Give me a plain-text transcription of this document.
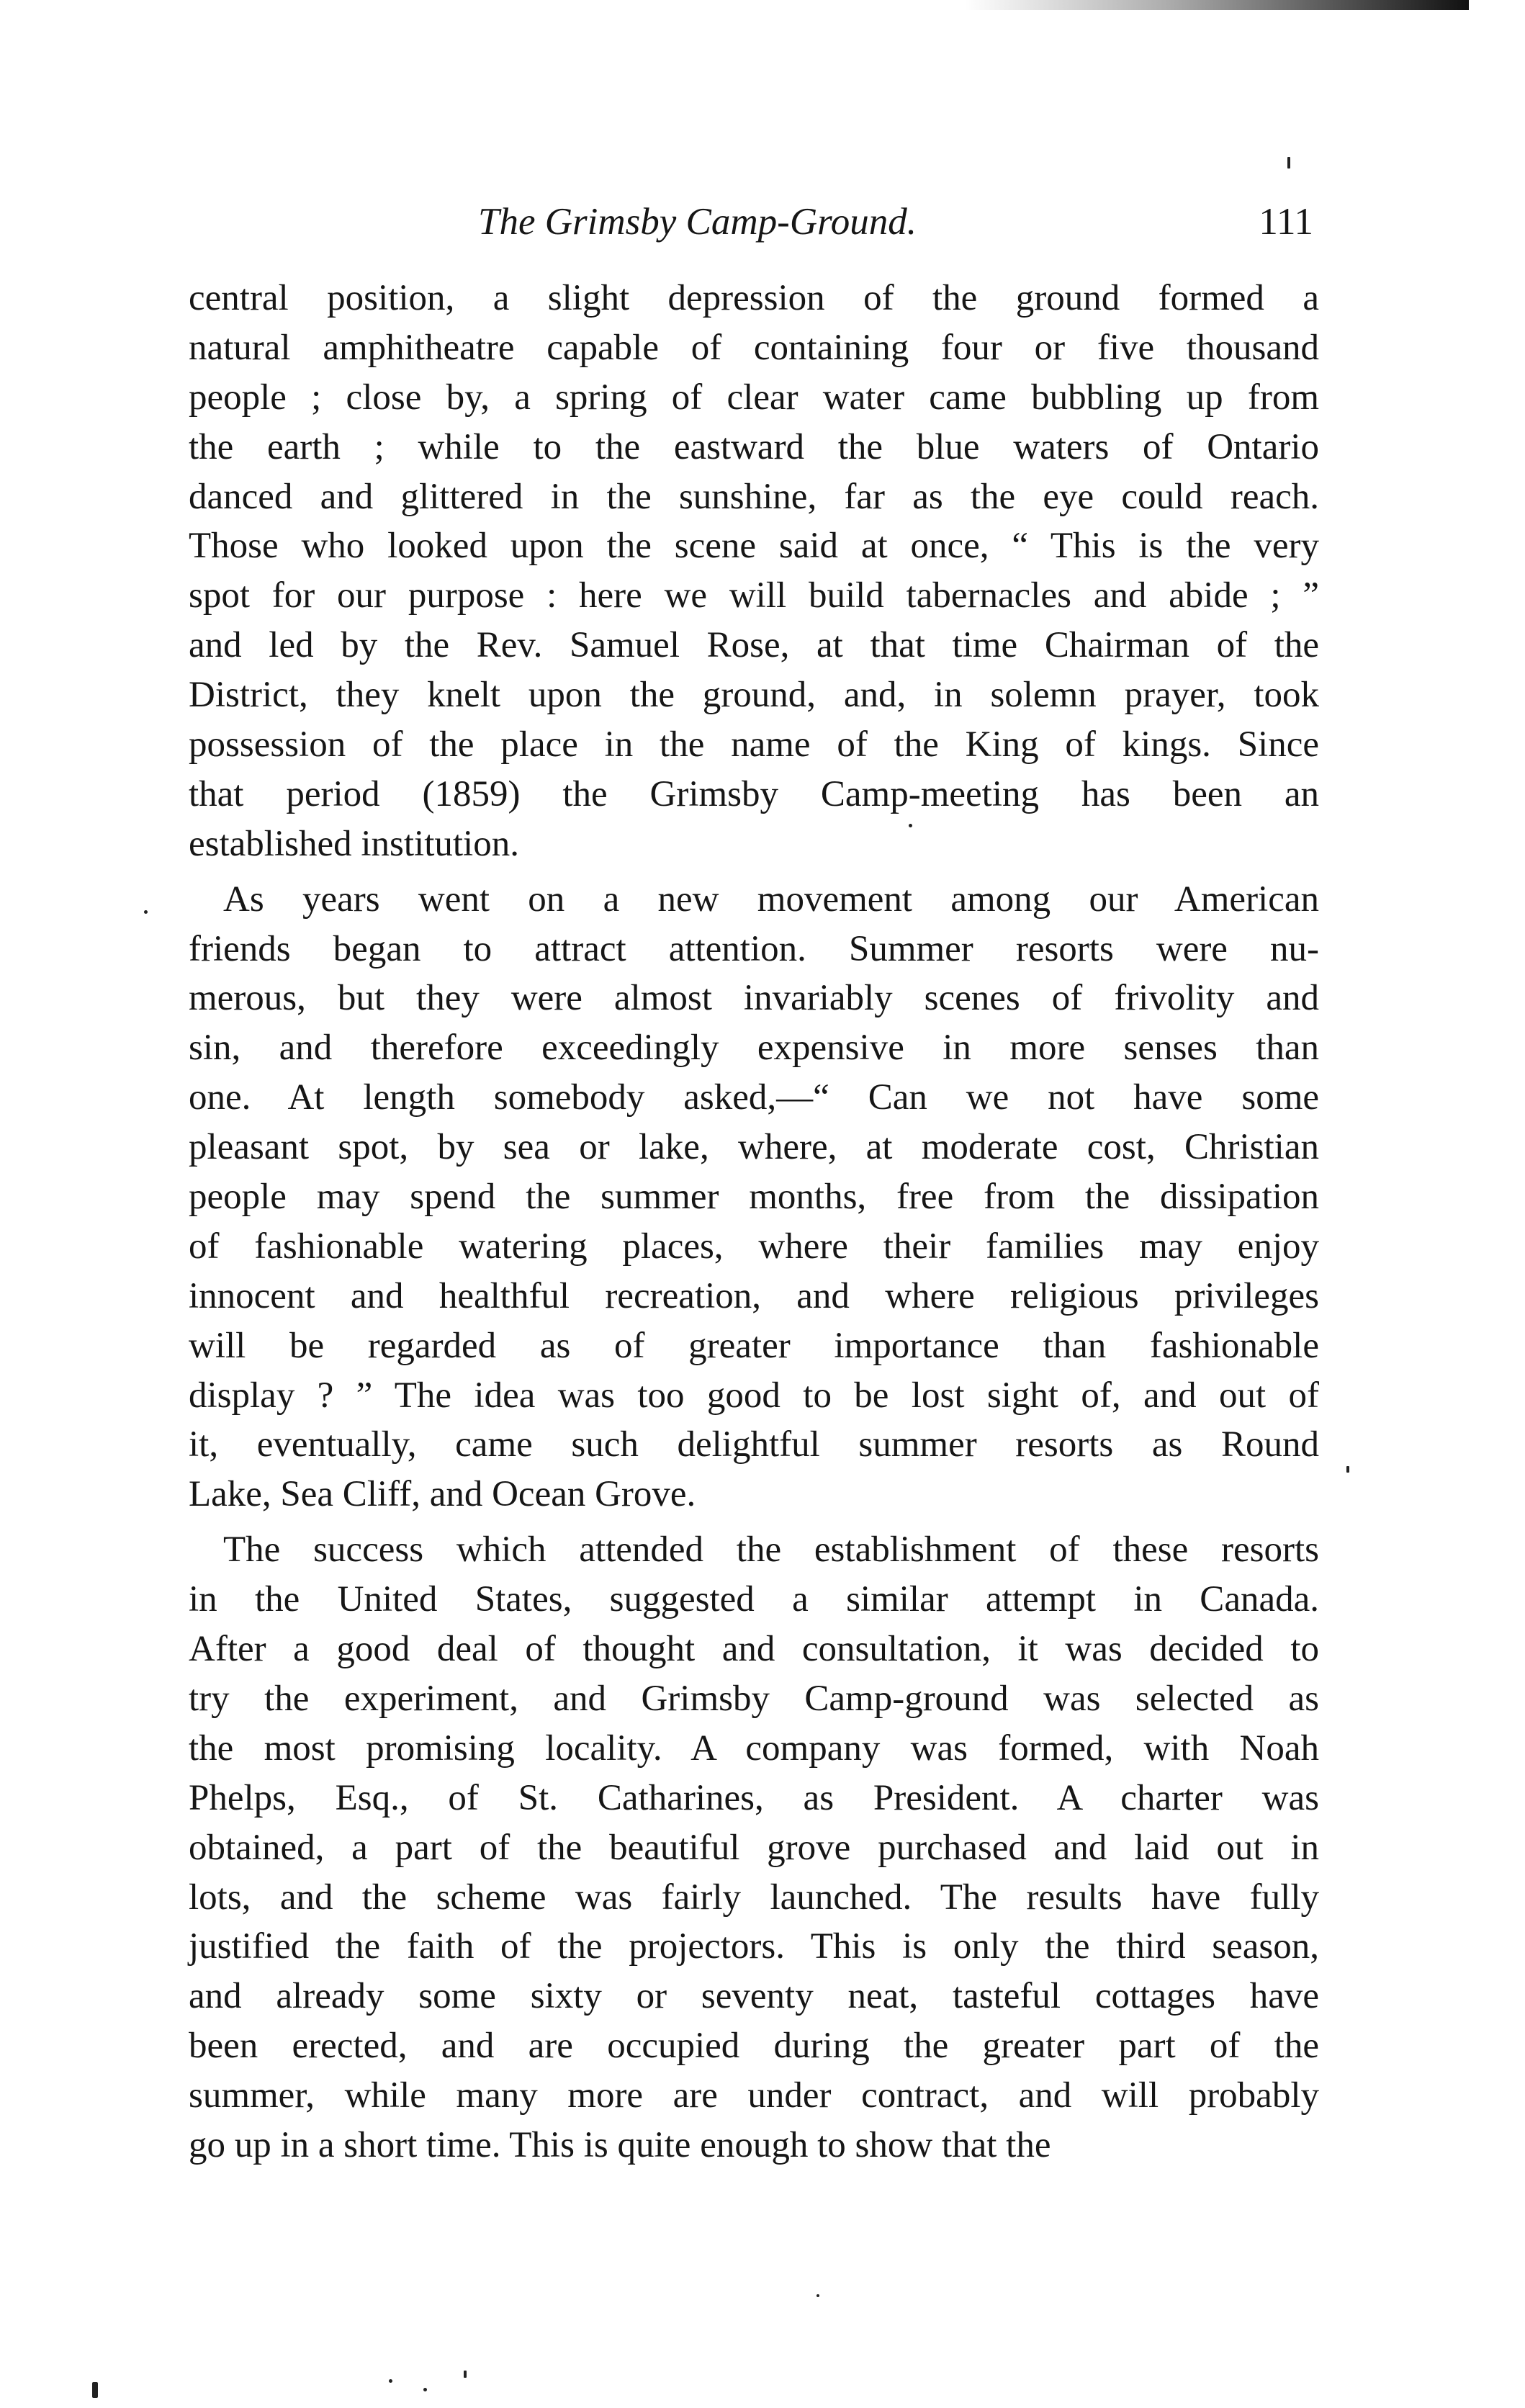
The Grimsby Camp-Ground.	111
central position, a slight depression of the ground formed a
natural amphitheatre capable of containing four or five thousand
people ; close by, a spring of clear water came bubbling up from
the earth ; while to the eastward the blue waters of Ontario
danced and glittered in the sunshine, far as the eye could reach.
Those who looked upon the scene said at once, “ This is the very
spot for our purpose : here we will build tabernacles and abide ; ”
and led by the Rev. Samuel Rose, at that time Chairman of the
District, they knelt upon the ground, and, in solemn prayer, took
possession of the place in the name of the King of kings. Since
that period (1859) the Grimsby Camp-meeting has been an
established institution.
As years went on a new movement among our American
friends began to attract attention. Summer resorts were nu-
merous, but they were almost invariably scenes of frivolity and
sin, and therefore exceedingly expensive in more senses than
one. At length somebody asked,—“ Can we not have some
pleasant spot, by sea or lake, where, at moderate cost, Christian
people may spend the summer months, free from the dissipation
of fashionable watering places, where their families may enjoy
innocent and healthful recreation, and where religious privileges
will be regarded as of greater importance than fashionable
display ? ” The idea was too good to be lost sight of, and out of
it, eventually, came such delightful summer resorts as Round
Lake, Sea Cliff, and Ocean Grove.
The success which attended the establishment of these resorts
in the United States, suggested a similar attempt in Canada.
After a good deal of thought and consultation, it was decided to
try the experiment, and Grimsby Camp-ground was selected as
the most promising locality. A company was formed, with Noah
Phelps, Esq., of St. Catharines, as President. A charter was
obtained, a part of the beautiful grove purchased and laid out in
lots, and the scheme was fairly launched. The results have fully
justified the faith of the projectors. This is only the third season,
and already some sixty or seventy neat, tasteful cottages have
been erected, and are occupied during the greater part of the
summer, while many more are under contract, and will probably
go up in a short time. This is quite enough to show that the
